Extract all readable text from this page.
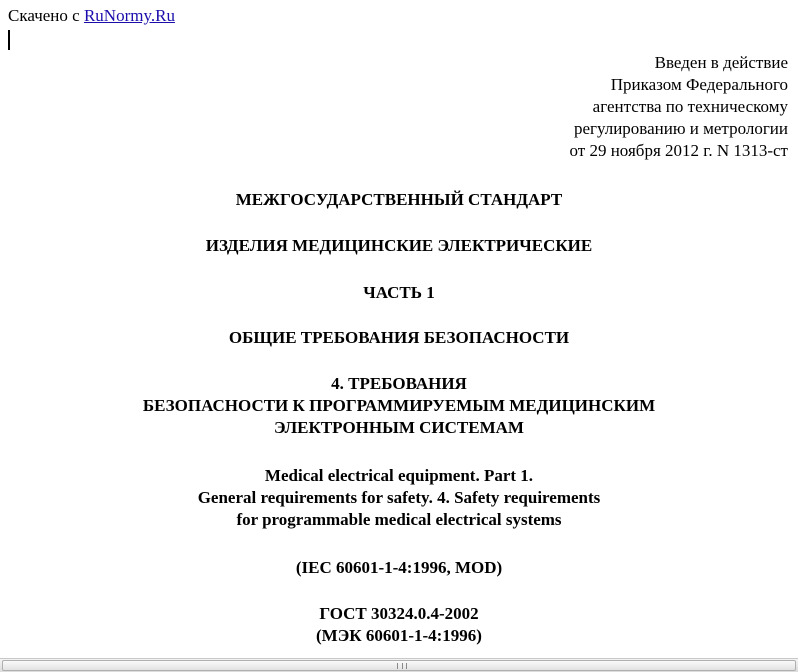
Скачено с RuNormy.Ru
Введен в действие
Приказом Федерального
агентства по техническому
регулированию и метрологии
от 29 ноября 2012 г. N 1313-ст
МЕЖГОСУДАРСТВЕННЫЙ СТАНДАРТ
ИЗДЕЛИЯ МЕДИЦИНСКИЕ ЭЛЕКТРИЧЕСКИЕ
ЧАСТЬ 1
ОБЩИЕ ТРЕБОВАНИЯ БЕЗОПАСНОСТИ
4. ТРЕБОВАНИЯ
БЕЗОПАСНОСТИ К ПРОГРАММИРУЕМЫМ МЕДИЦИНСКИМ
ЭЛЕКТРОННЫМ СИСТЕМАМ
Medical electrical equipment. Part 1.
General requirements for safety. 4. Safety requirements
for programmable medical electrical systems
(IEC 60601-1-4:1996, MOD)
ГОСТ 30324.0.4-2002
(МЭК 60601-1-4:1996)
